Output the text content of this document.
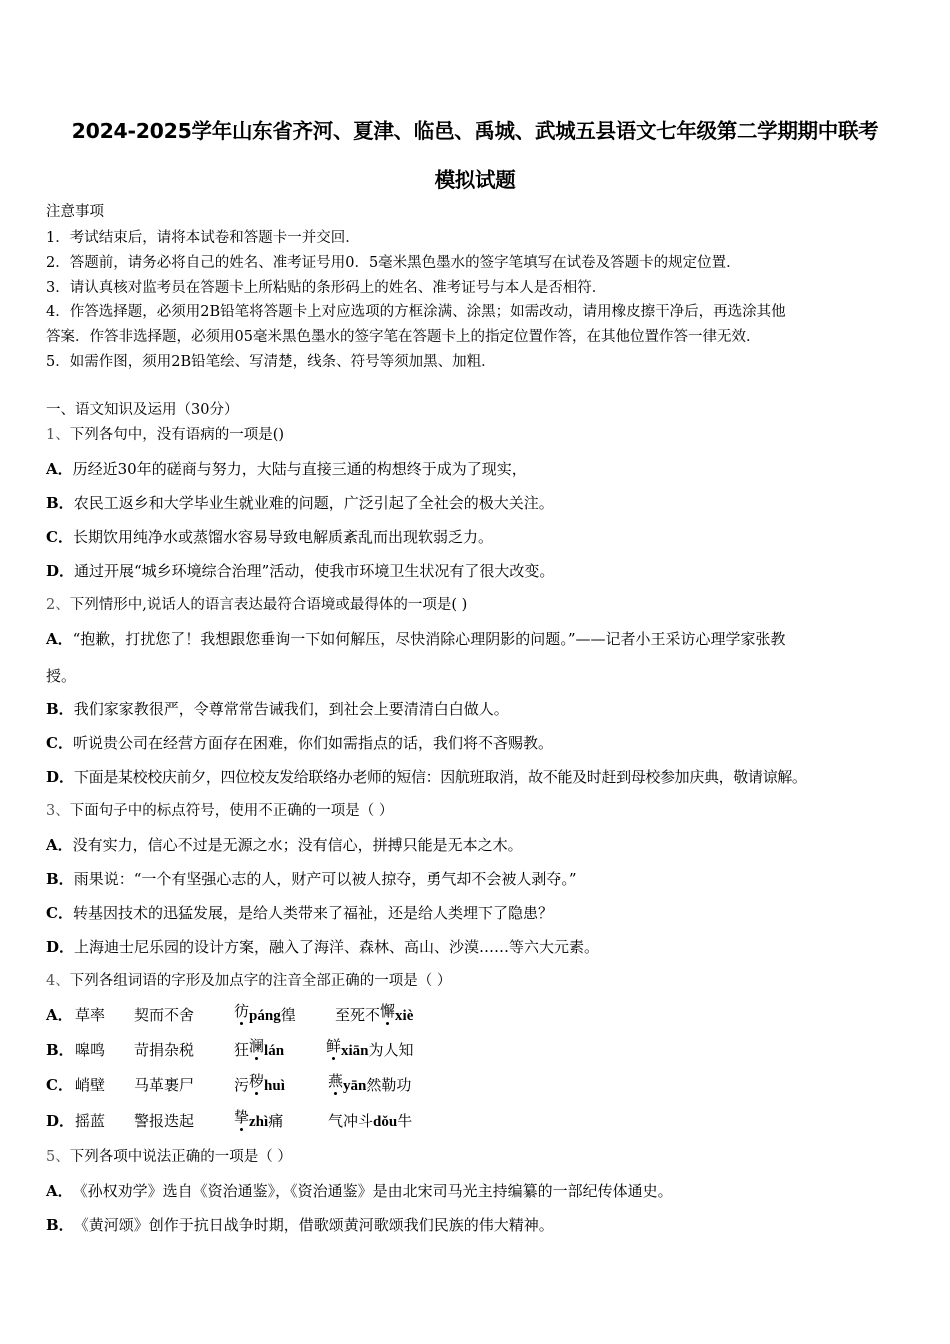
2024-2025学年山东省齐河、夏津、临邑、禹城、武城五县语文七年级第二学期期中联考
模拟试题
注意事项
1．考试结束后，请将本试卷和答题卡一并交回．
2．答题前，请务必将自己的姓名、准考证号用0．5毫米黑色墨水的签字笔填写在试卷及答题卡的规定位置．
3．请认真核对监考员在答题卡上所粘贴的条形码上的姓名、准考证号与本人是否相符．
4．作答选择题，必须用2B铅笔将答题卡上对应选项的方框涂满、涂黑；如需改动，请用橡皮擦干净后，再选涂其他
答案．作答非选择题，必须用05毫米黑色墨水的签字笔在答题卡上的指定位置作答，在其他位置作答一律无效．
5．如需作图，须用2B铅笔绘、写清楚，线条、符号等须加黑、加粗．
一、语文知识及运用（30分）
1、下列各句中，没有语病的一项是()
A．历经近30年的磋商与努力，大陆与直接三通的构想终于成为了现实，
B．农民工返乡和大学毕业生就业难的问题，广泛引起了全社会的极大关注。
C．长期饮用纯净水或蒸馏水容易导致电解质紊乱而出现软弱乏力。
D．通过开展“城乡环境综合治理”活动，使我市环境卫生状况有了很大改变。
2、下列情形中,说话人的语言表达最符合语境或最得体的一项是( )
A．“抱歉，打扰您了！我想跟您垂询一下如何解压，尽快消除心理阴影的问题。”——记者小王采访心理学家张教
授。
B．我们家家教很严，令尊常常告诫我们，到社会上要清清白白做人。
C．听说贵公司在经营方面存在困难，你们如需指点的话，我们将不吝赐教。
D．下面是某校校庆前夕，四位校友发给联络办老师的短信：因航班取消，故不能及时赶到母校参加庆典，敬请谅解。
3、下面句子中的标点符号，使用不正确的一项是（ ）
A．没有实力，信心不过是无源之水；没有信心，拼搏只能是无本之木。
B．雨果说：“一个有坚强心志的人，财产可以被人掠夺，勇气却不会被人剥夺。”
C．转基因技术的迅猛发展，是给人类带来了福祉，还是给人类埋下了隐患？
D．上海迪士尼乐园的设计方案，融入了海洋、森林、高山、沙漠……等六大元素。
4、下列各组词语的字形及加点字的注音全部正确的一项是（ ）
A． 草率 契而不舍	彷páng徨	至死不懈xiè
B． 嗥鸣 苛捐杂税	狂澜lán	鲜xiān为人知
C． 峭壁 马革裹尸	污秽huì	燕yān然勒功
D． 摇蓝 警报迭起	挚zhì痛	气冲斗dǒu牛
5、下列各项中说法正确的一项是（ ）
A．《孙权劝学》选自《资治通鉴》，《资治通鉴》是由北宋司马光主持编纂的一部纪传体通史。
B．《黄河颂》创作于抗日战争时期，借歌颂黄河歌颂我们民族的伟大精神。
